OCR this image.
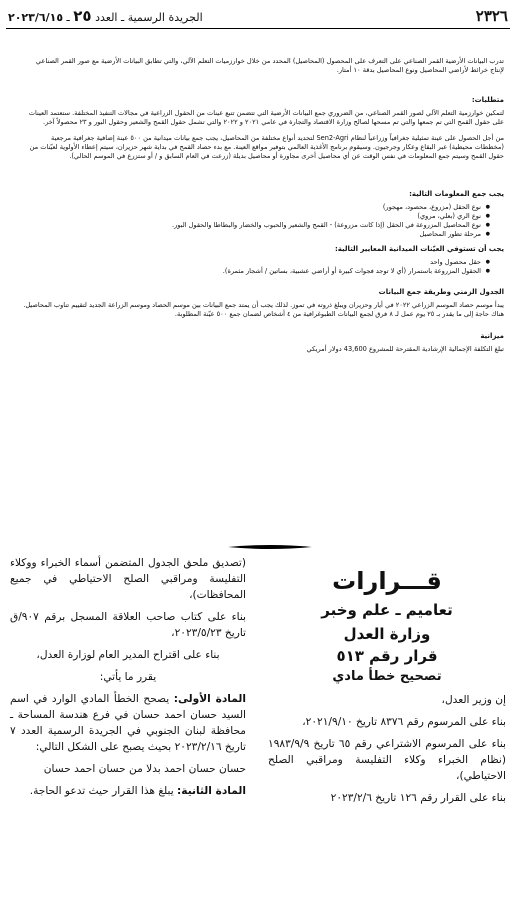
٢٣٢٦
الجريدة الرسمية ـ العدد ٢٥ ـ ٢٠٢٣/٦/١٥

تدرب البيانات الأرضية القمر الصناعي على التعرف على المحصول (المحاصيل) المحدد من خلال خوارزميات التعلم الآلي، والتي تطابق البيانات الأرضية مع صور القمر الصناعي لإنتاج خرائط لأراضي المحاصيل ونوع المحاصيل بدقة ١٠ أمتار.

متطلبات:

لتمكين خوارزمية التعلم الآلي لصور القمر الصناعي، من الضروري جمع البيانات الأرضية التي تتضمن تتبع عينات من الحقول الزراعية في مجالات التنفيذ المختلفة. ستعتمد العينات على حقول القمح التي تم جمعها والتي تم مسحها لصالح وزارة الاقتصاد والتجارة في عامي ٢٠٢١ و ٢٠٢٢ والتي تشمل حقول القمح والشعير وحقول البور و ٢٣ محصولاً آخر.

من أجل الحصول على عينة تمثيلية جغرافياً وزراعياً لنظام Sen2-Agri لتحديد أنواع مختلفة من المحاصيل، يجب جمع بيانات ميدانية من ٥٠٠ عينة إضافية جغرافية مرجعية (مخططات محيطية) عبر البقاع وعكار وجرجيون. وسيقوم برنامج الأغذية العالمي بتوفير مواقع العينة. مع بدء حصاد القمح في بداية شهر حزيران، سيتم إعطاء الأولوية لعيّنات من حقول القمح وسيتم جمع المعلومات في نفس الوقت عن أي محاصيل أخرى مجاورة أو محاصيل بديلة (زرعت في العام السابق و / أو ستزرع في الموسم الحالي).

يجب جمع المعلومات التالية:
● نوع الحقل (مزروع، محصود، مهجور)
● نوع الري (بعلي، مروي)
● نوع المحاصيل المزروعة في الحقل (إذا كانت مزروعة) - القمح والشعير والحبوب والخضار والبطاطا والحقول البور.
● مرحلة تطور المحاصيل
يجب أن تستوفي العيّنات الميدانية المعايير التالية:
● حقل محصول واحد
● الحقول المزروعة باستمرار (أي لا توجد فجوات كبيرة أو أراضي عشبية، بساتين / أشجار مثمرة).
الجدول الزمني وطريقة جمع البيانات

يبدأ موسم حصاد الموسم الزراعي ٢٠٢٢ في أيار وحزيران ويبلغ ذروته في تموز. لذلك يجب أن يمتد جمع البيانات بين موسم الحصاد وموسم الزراعة الجديد لتقييم تناوب المحاصيل. هناك حاجة إلى ما يقدر بـ ٢٥ يوم عمل لـ ٨ فرق لجمع البيانات الطبوغرافية من ٤ أشخاص لضمان جمع ٥٠٠ عيّنة المطلوبة.

ميزانية

تبلغ التكلفة الإجمالية الإرشادية المقترحة للمشروع 43,600 دولار أمريكي

قـــرارات
تعاميم ـ علم وخبر
وزارة العدل
قرار رقم ٥١٣
تصحيح خطأ مادي

إن وزير العدل،

بناء على المرسوم رقم ٨٣٧٦ تاريخ ٢٠٢١/٩/١٠،

بناء على المرسوم الاشتراعي رقم ٦٥ تاريخ ١٩٨٣/٩/٩ (نظام الخبراء وكلاء التفليسة ومراقبي الصلح الاحتياطي)،

بناء على القرار رقم ١٢٦ تاريخ ٢٠٢٣/٢/٦

(تصديق ملحق الجدول المتضمن أسماء الخبراء ووكلاء التفليسة ومراقبي الصلح الاحتياطي في جميع المحافظات)،

بناء على كتاب صاحب العلاقة المسجل برقم ٩٠٧/ق تاريخ ٢٠٢٣/٥/٢٣،

بناء على اقتراح المدير العام لوزارة العدل،

يقرر ما يأتي:

المادة الأولى: يصحح الخطأ المادي الوارد في اسم السيد حسان احمد حسان في فرع هندسة المساحة ـ محافظة لبنان الجنوبي في الجريدة الرسمية العدد ٧ تاريخ ٢٠٢٣/٢/١٦ بحيث يصبح على الشكل التالي:

حسان حسان احمد بدلا من حسان احمد حسان

المادة الثانية: يبلغ هذا القرار حيث تدعو الحاجة.
